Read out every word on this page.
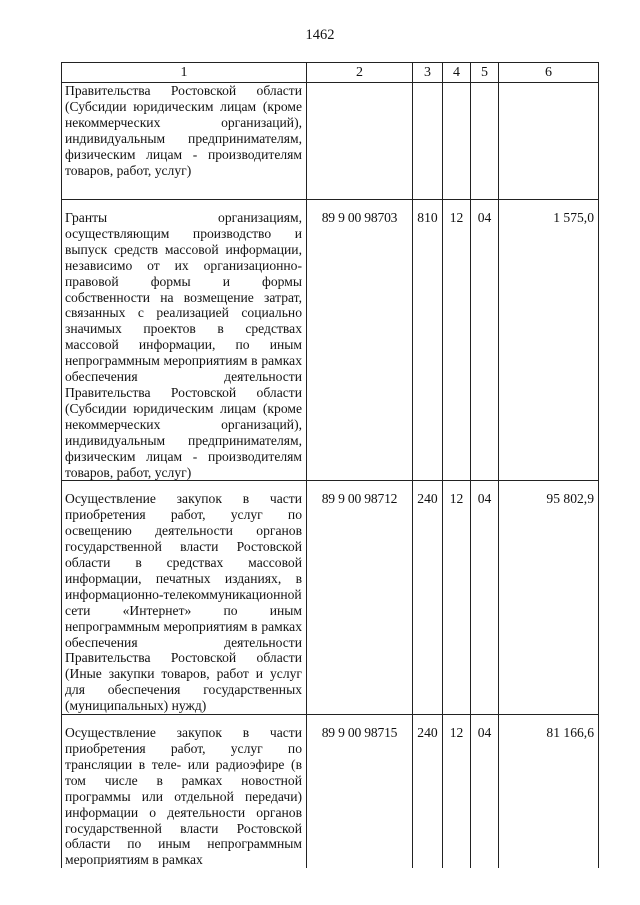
1462
1	2	3	4	5	6
Правительства Ростовской области (Субсидии юридическим лицам (кроме некоммерческих организаций), индивидуальным предпринимателям, физическим лицам - производителям товаров, работ, услуг)					
Гранты организациям, осуществляющим производство и выпуск средств массовой информации, независимо от их организационно-правовой формы и формы собственности на возмещение затрат, связанных с реализацией социально значимых проектов в средствах массовой информации, по иным непрограммным мероприятиям в рамках обеспечения деятельности Правительства Ростовской области (Субсидии юридическим лицам (кроме некоммерческих организаций), индивидуальным предпринимателям, физическим лицам - производителям товаров, работ, услуг)	89 9 00 98703	810	12	04	1 575,0
Осуществление закупок в части приобретения работ, услуг по освещению деятельности органов государственной власти Ростовской области в средствах массовой информации, печатных изданиях, в информационно-телекоммуникационной сети «Интернет» по иным непрограммным мероприятиям в рамках обеспечения деятельности Правительства Ростовской области (Иные закупки товаров, работ и услуг для обеспечения государственных (муниципальных) нужд)	89 9 00 98712	240	12	04	95 802,9
Осуществление закупок в части приобретения работ, услуг по трансляции в теле- или радиоэфире (в том числе в рамках новостной программы или отдельной передачи) информации о деятельности органов государственной власти Ростовской области по иным непрограммным мероприятиям в рамках	89 9 00 98715	240	12	04	81 166,6
